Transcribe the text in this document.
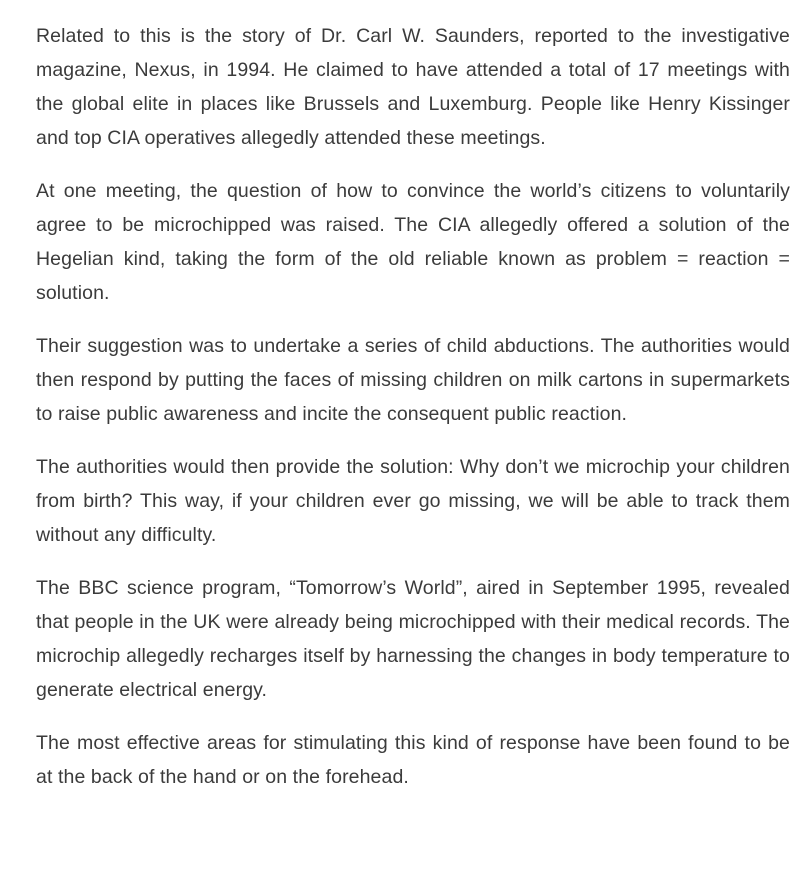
Related to this is the story of Dr. Carl W. Saunders, reported to the investigative magazine, Nexus, in 1994. He claimed to have attended a total of 17 meetings with the global elite in places like Brussels and Luxemburg. People like Henry Kissinger and top CIA operatives allegedly attended these meetings.

At one meeting, the question of how to convince the world’s citizens to voluntarily agree to be microchipped was raised. The CIA allegedly offered a solution of the Hegelian kind, taking the form of the old reliable known as problem = reaction = solution.

Their suggestion was to undertake a series of child abductions. The authorities would then respond by putting the faces of missing children on milk cartons in supermarkets to raise public awareness and incite the consequent public reaction.

The authorities would then provide the solution: Why don’t we microchip your children from birth? This way, if your children ever go missing, we will be able to track them without any difficulty.

The BBC science program, “Tomorrow’s World”, aired in September 1995, revealed that people in the UK were already being microchipped with their medical records. The microchip allegedly recharges itself by harnessing the changes in body temperature to generate electrical energy.

The most effective areas for stimulating this kind of response have been found to be at the back of the hand or on the forehead.
